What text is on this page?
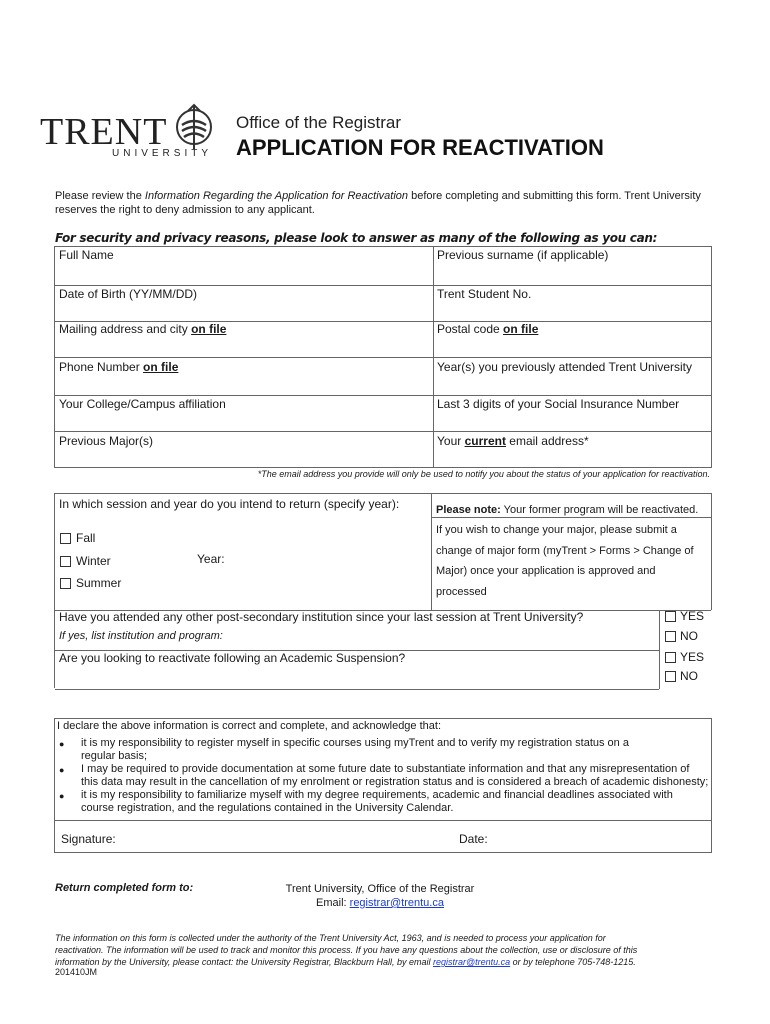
TRENT
UNIVERSITY
Office of the Registrar
APPLICATION FOR REACTIVATION
Please review the Information Regarding the Application for Reactivation before completing and submitting this form. Trent University reserves the right to deny admission to any applicant.
For security and privacy reasons, please look to answer as many of the following as you can:
Full Name	Previous surname (if applicable)
Date of Birth (YY/MM/DD)	Trent Student No.
Mailing address and city on file	Postal code on file
Phone Number on file	Year(s) you previously attended Trent University
Your College/Campus affiliation	Last 3 digits of your Social Insurance Number
Previous Major(s)	Your current email address*
*The email address you provide will only be used to notify you about the status of your application for reactivation.
In which session and year do you intend to return (specify year):
Fall
Winter
Summer
Year:
Please note: Your former program will be reactivated.
If you wish to change your major, please submit a
change of major form (myTrent > Forms > Change of
Major) once your application is approved and
processed
Have you attended any other post-secondary institution since your last session at Trent University?
If yes, list institution and program:
YES
NO
Are you looking to reactivate following an Academic Suspension?	YES
NO
I declare the above information is correct and complete, and acknowledge that:
● it is my responsibility to register myself in specific courses using myTrent and to verify my registration status on a
regular basis;
● I may be required to provide documentation at some future date to substantiate information and that any misrepresentation of
this data may result in the cancellation of my enrolment or registration status and is considered a breach of academic dishonesty;
● it is my responsibility to familiarize myself with my degree requirements, academic and financial deadlines associated with
course registration, and the regulations contained in the University Calendar.
Signature:	Date:
Return completed form to:	Trent University, Office of the Registrar
Email: registrar@trentu.ca
The information on this form is collected under the authority of the Trent University Act, 1963, and is needed to process your application for
reactivation. The information will be used to track and monitor this process. If you have any questions about the collection, use or disclosure of this
information by the University, please contact: the University Registrar, Blackburn Hall, by email registrar@trentu.ca or by telephone 705-748-1215.
201410JM
